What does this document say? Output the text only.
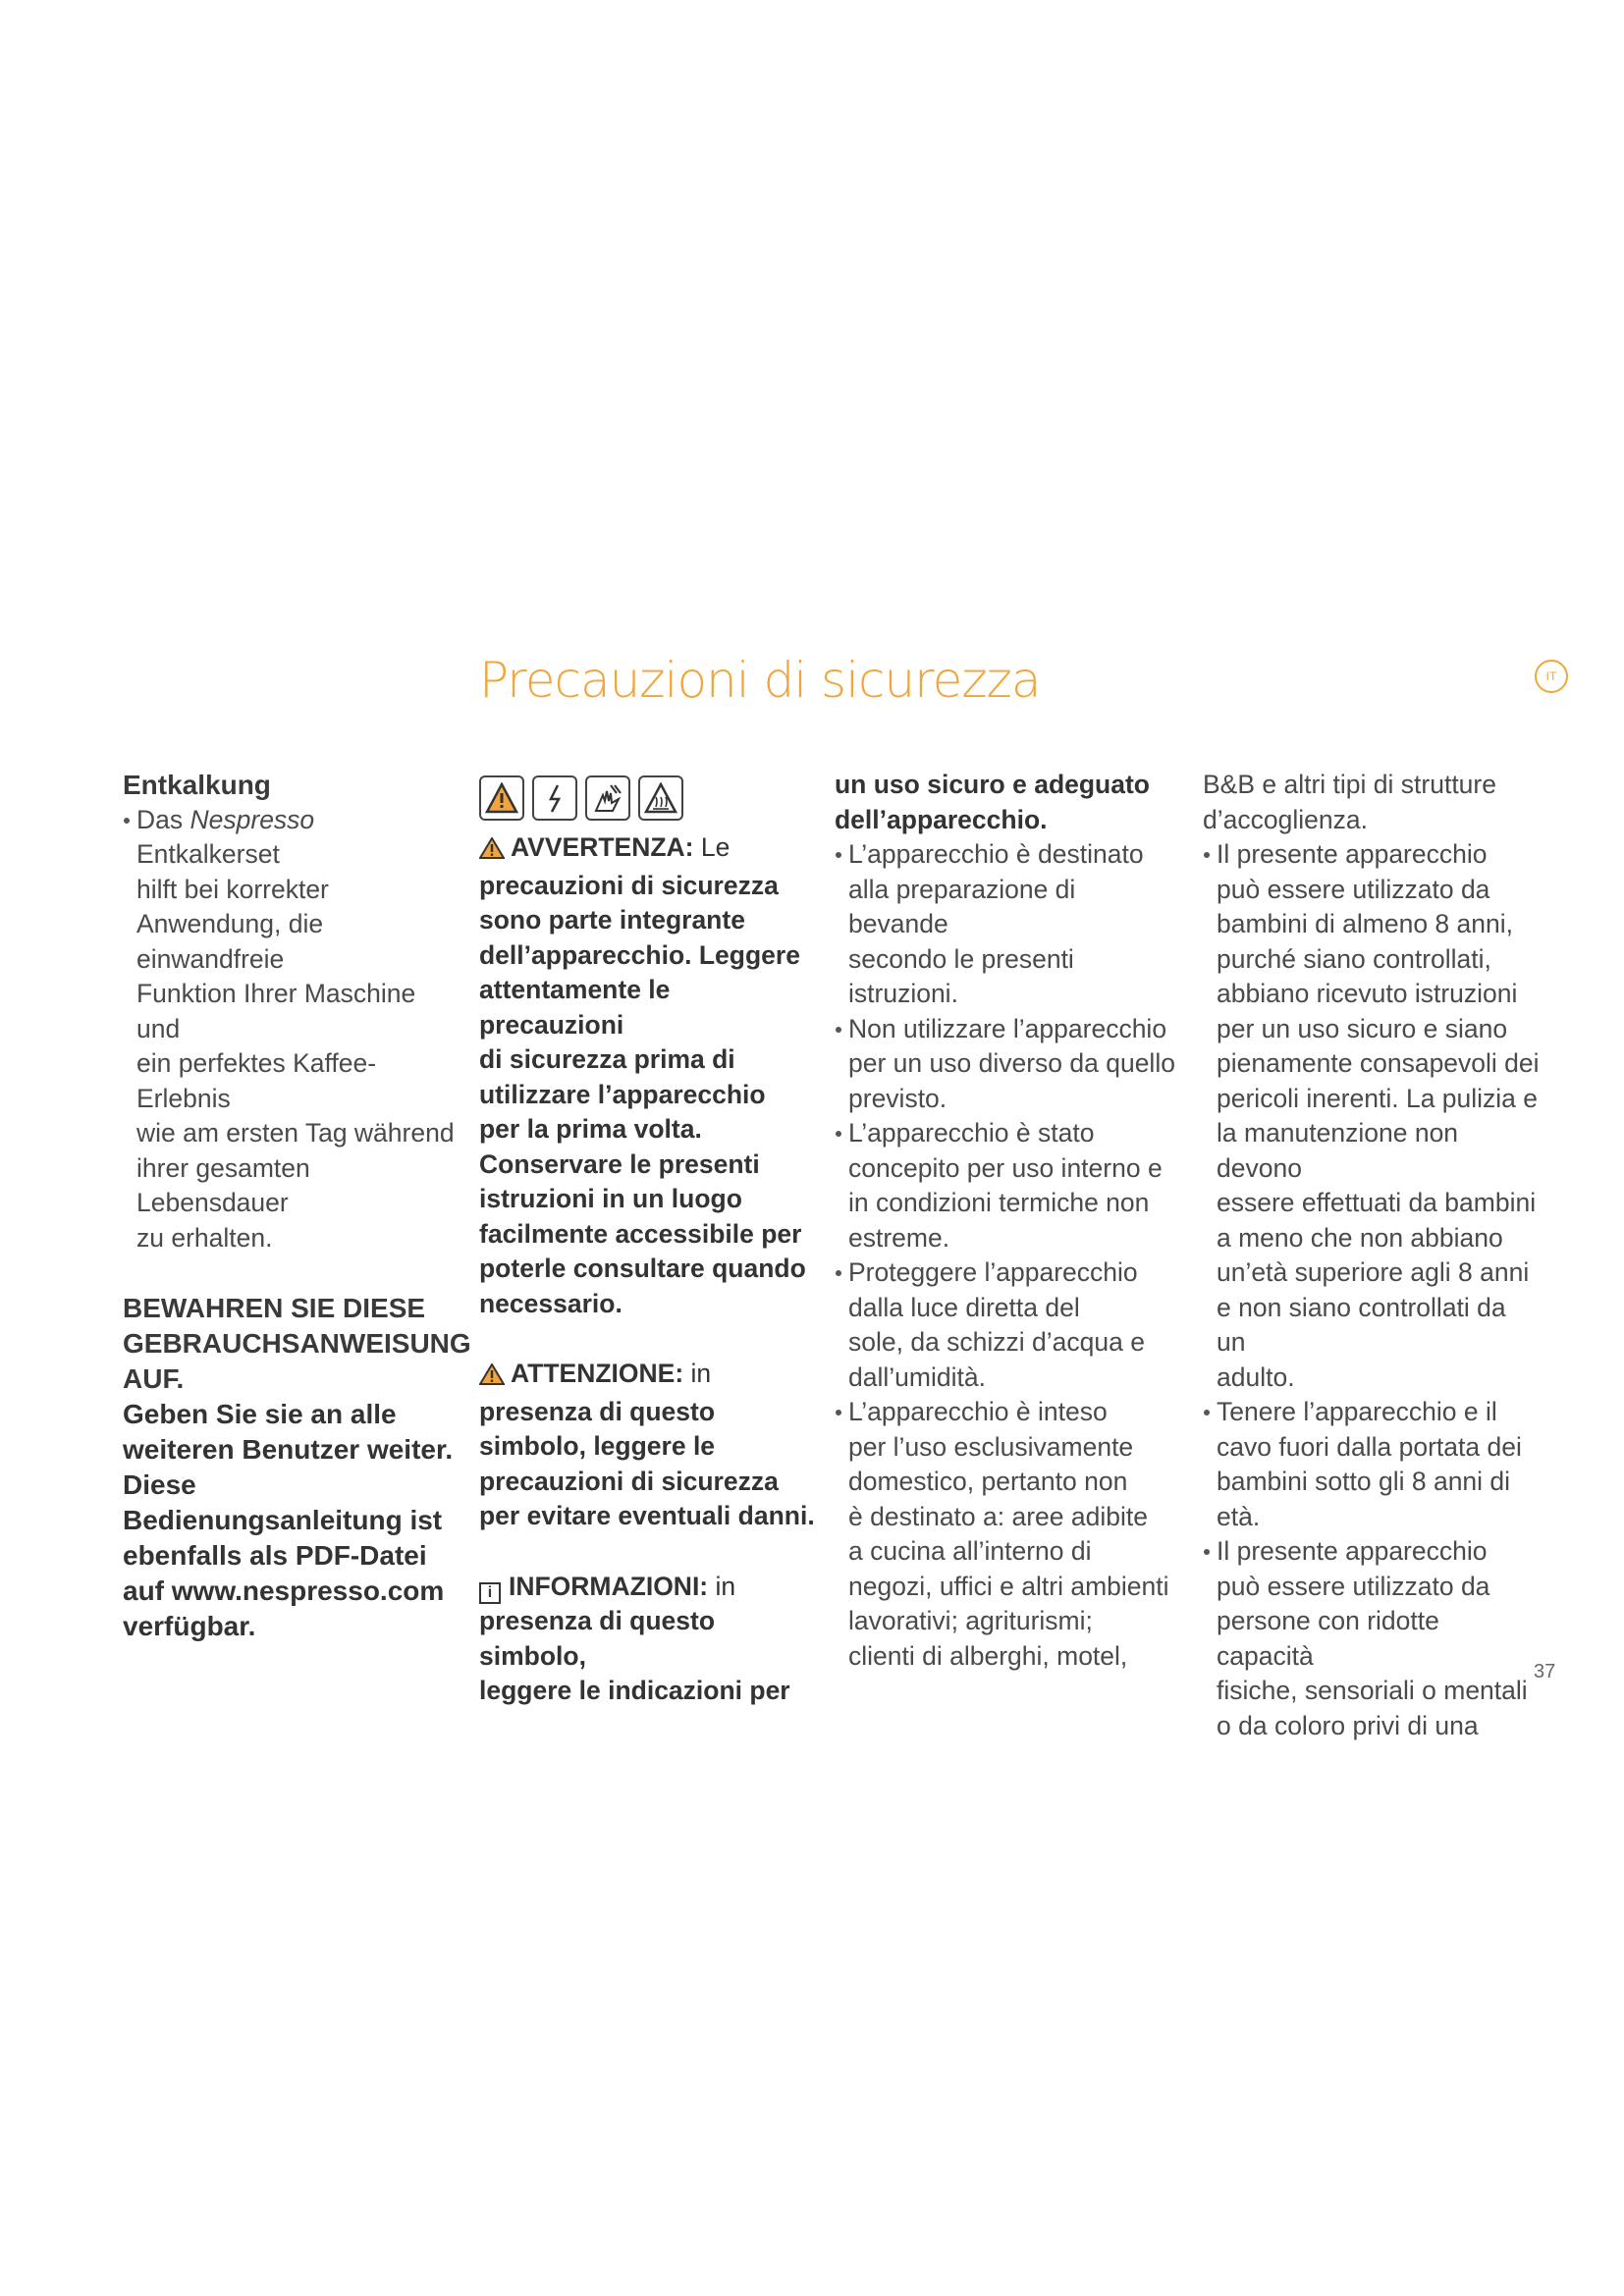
Precauzioni di sicurezza	IT
Entkalkung
Das Nespresso Entkalkerset
hilft bei korrekter
Anwendung, die einwandfreie
Funktion Ihrer Maschine und
ein perfektes Kaffee-Erlebnis
wie am ersten Tag während
ihrer gesamten Lebensdauer
zu erhalten.
BEWAHREN SIE DIESE
GEBRAUCHSANWEISUNG
AUF.
Geben Sie sie an alle
weiteren Benutzer weiter.
Diese
Bedienungsanleitung ist
ebenfalls als PDF-Datei
auf www.nespresso.com
verfügbar.
AVVERTENZA: Le
precauzioni di sicurezza
sono parte integrante
dell’apparecchio. Leggere
attentamente le precauzioni
di sicurezza prima di
utilizzare l’apparecchio
per la prima volta.
Conservare le presenti
istruzioni in un luogo
facilmente accessibile per
poterle consultare quando
necessario.
ATTENZIONE: in
presenza di questo
simbolo, leggere le
precauzioni di sicurezza
per evitare eventuali danni.
i INFORMAZIONI: in
presenza di questo simbolo,
leggere le indicazioni per
un uso sicuro e adeguato
dell’apparecchio.
L’apparecchio è destinato
alla preparazione di bevande
secondo le presenti
istruzioni.
Non utilizzare l’apparecchio
per un uso diverso da quello
previsto.
L’apparecchio è stato
concepito per uso interno e
in condizioni termiche non
estreme.
Proteggere l’apparecchio
dalla luce diretta del
sole, da schizzi d’acqua e
dall’umidità.
L’apparecchio è inteso
per l’uso esclusivamente
domestico, pertanto non
è destinato a: aree adibite
a cucina all’interno di
negozi, uffici e altri ambienti
lavorativi; agriturismi;
clienti di alberghi, motel,
B&B e altri tipi di strutture
d’accoglienza.
Il presente apparecchio
può essere utilizzato da
bambini di almeno 8 anni,
purché siano controllati,
abbiano ricevuto istruzioni
per un uso sicuro e siano
pienamente consapevoli dei
pericoli inerenti. La pulizia e
la manutenzione non devono
essere effettuati da bambini
a meno che non abbiano
un’età superiore agli 8 anni
e non siano controllati da un
adulto.
Tenere l’apparecchio e il
cavo fuori dalla portata dei
bambini sotto gli 8 anni di
età.
Il presente apparecchio
può essere utilizzato da
persone con ridotte capacità
fisiche, sensoriali o mentali
o da coloro privi di una
37
